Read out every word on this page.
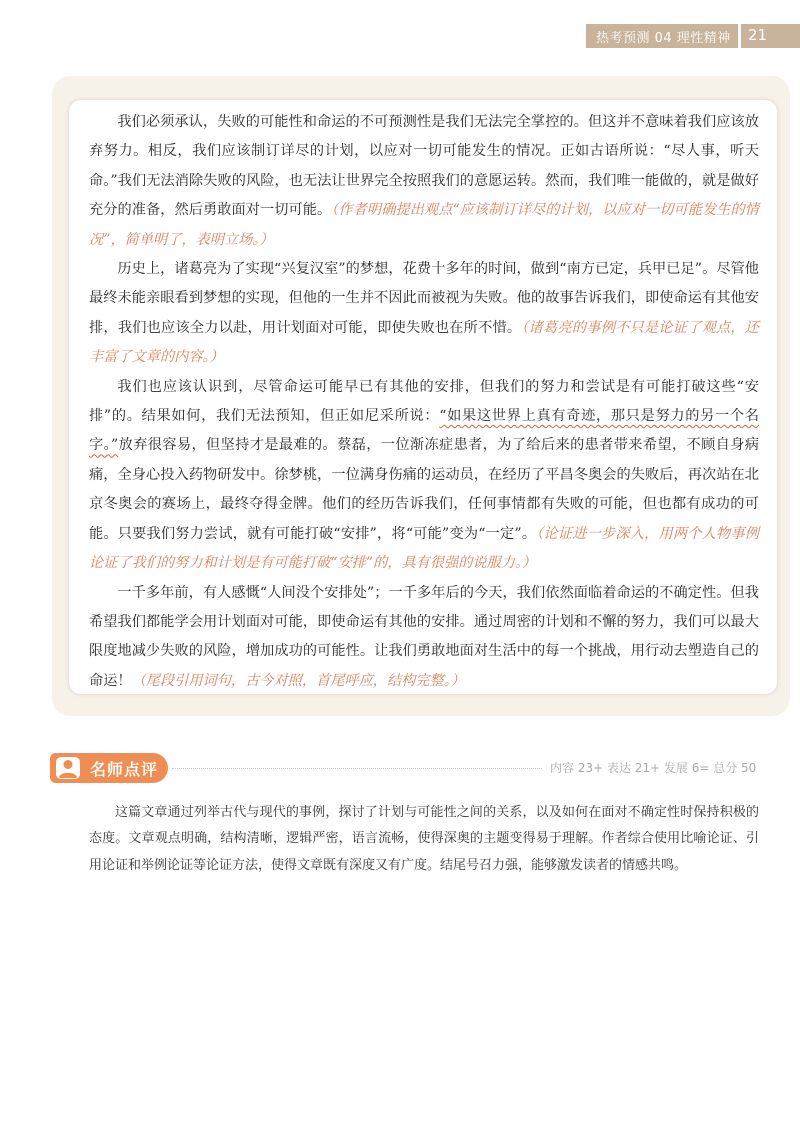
热考预测 04 理性精神 21

我们必须承认，失败的可能性和命运的不可预测性是我们无法完全掌控的。但这并不意味着我们应该放弃努力。相反，我们应该制订详尽的计划，以应对一切可能发生的情况。正如古语所说：“尽人事，听天命。”我们无法消除失败的风险，也无法让世界完全按照我们的意愿运转。然而，我们唯一能做的，就是做好充分的准备，然后勇敢面对一切可能。（作者明确提出观点“应该制订详尽的计划，以应对一切可能发生的情况”，简单明了，表明立场。）

历史上，诸葛亮为了实现“兴复汉室”的梦想，花费十多年的时间，做到“南方已定，兵甲已足”。尽管他最终未能亲眼看到梦想的实现，但他的一生并不因此而被视为失败。他的故事告诉我们，即使命运有其他安排，我们也应该全力以赴，用计划面对可能，即使失败也在所不惜。（诸葛亮的事例不只是论证了观点，还丰富了文章的内容。）

我们也应该认识到，尽管命运可能早已有其他的安排，但我们的努力和尝试是有可能打破这些“安排”的。结果如何，我们无法预知，但正如尼采所说：“如果这世界上真有奇迹，那只是努力的另一个名字。”放弃很容易，但坚持才是最难的。蔡磊，一位渐冻症患者，为了给后来的患者带来希望，不顾自身病痛，全身心投入药物研发中。徐梦桃，一位满身伤痛的运动员，在经历了平昌冬奥会的失败后，再次站在北京冬奥会的赛场上，最终夺得金牌。他们的经历告诉我们，任何事情都有失败的可能，但也都有成功的可能。只要我们努力尝试，就有可能打破“安排”，将“可能”变为“一定”。（论证进一步深入，用两个人物事例论证了我们的努力和计划是有可能打破“安排”的，具有很强的说服力。）

一千多年前，有人感慨“人间没个安排处”；一千多年后的今天，我们依然面临着命运的不确定性。但我希望我们都能学会用计划面对可能，即使命运有其他的安排。通过周密的计划和不懈的努力，我们可以最大限度地减少失败的风险，增加成功的可能性。让我们勇敢地面对生活中的每一个挑战，用行动去塑造自己的命运！（尾段引用词句，古今对照，首尾呼应，结构完整。）

名师点评	内容 23+ 表达 21+ 发展 6= 总分 50

这篇文章通过列举古代与现代的事例，探讨了计划与可能性之间的关系，以及如何在面对不确定性时保持积极的态度。文章观点明确，结构清晰，逻辑严密，语言流畅，使得深奥的主题变得易于理解。作者综合使用比喻论证、引用论证和举例论证等论证方法，使得文章既有深度又有广度。结尾号召力强，能够激发读者的情感共鸣。
